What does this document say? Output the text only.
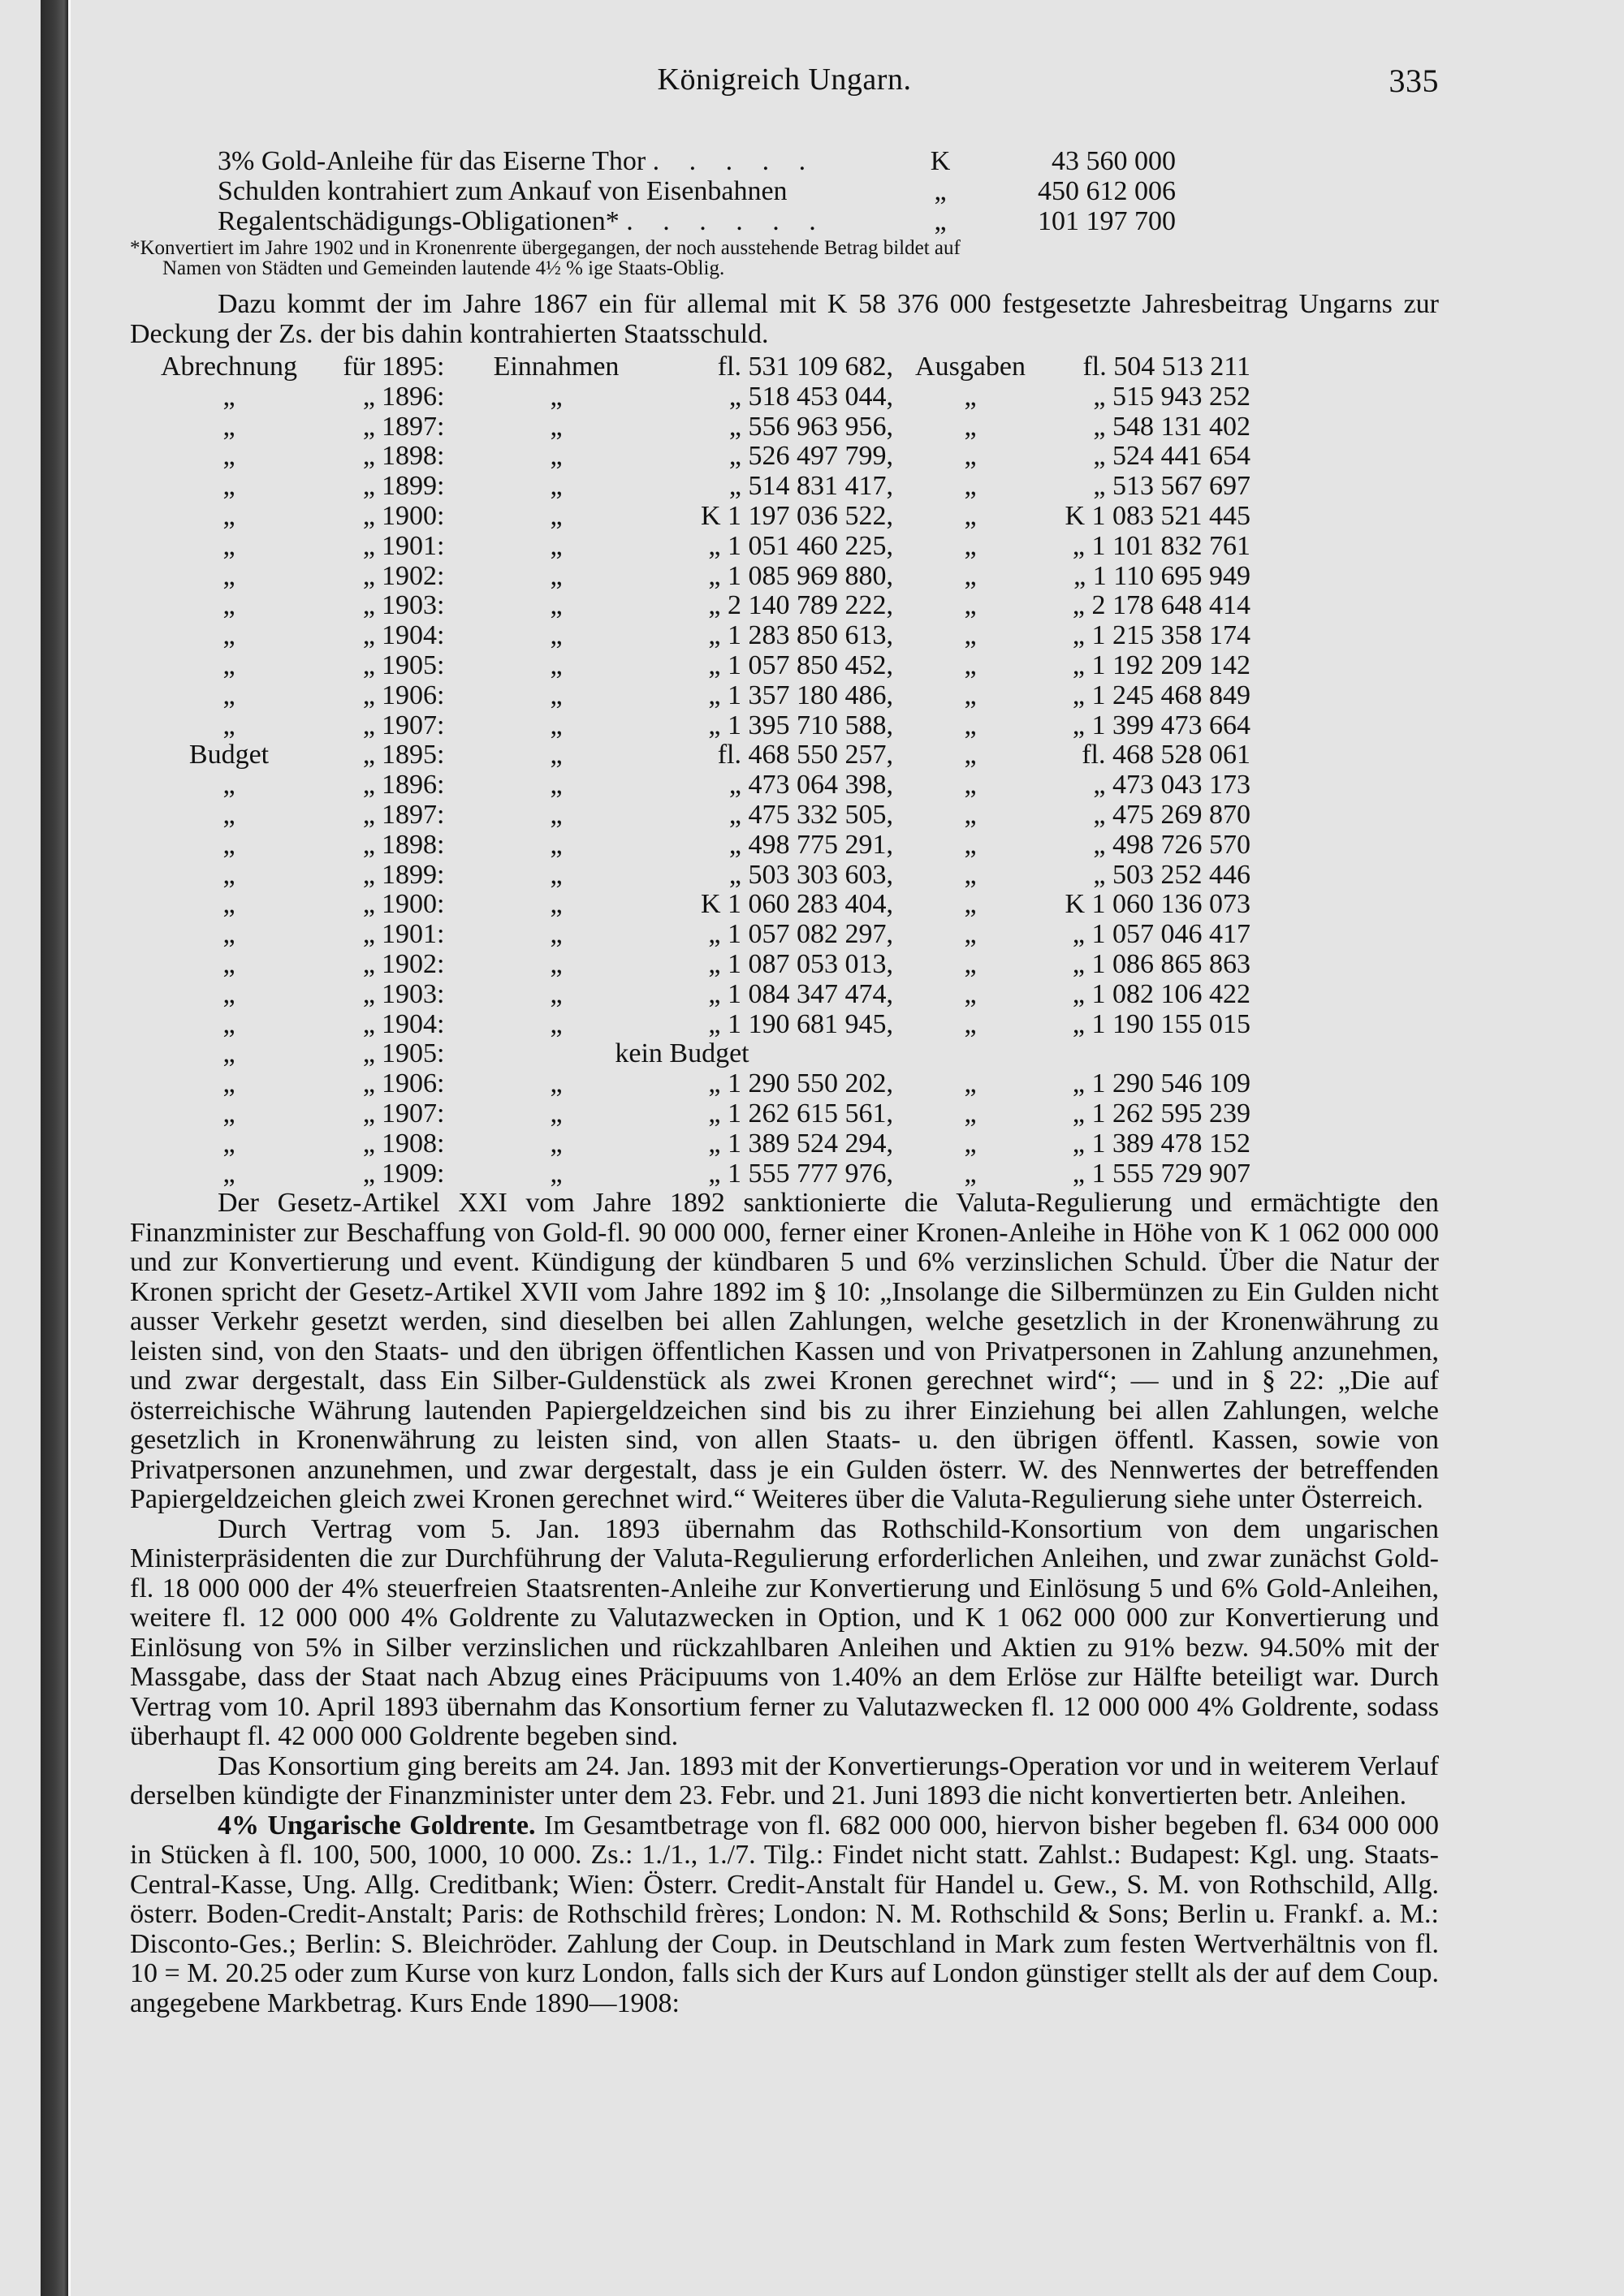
Königreich Ungarn.	335
3% Gold-Anleihe für das Eiserne Thor . . . . .	K	43 560 000
Schulden kontrahiert zum Ankauf von Eisenbahnen	„	450 612 006
Regalentschädigungs-Obligationen* . . . . . .	„	101 197 700
*Konvertiert im Jahre 1902 und in Kronenrente übergegangen, der noch ausstehende Betrag bildet auf
Namen von Städten und Gemeinden lautende 4½ % ige Staats-Oblig.

Dazu kommt der im Jahre 1867 ein für allemal mit K 58 376 000 festgesetzte Jahresbeitrag Ungarns zur Deckung der Zs. der bis dahin kontrahierten Staatsschuld.

Abrechnung	für	1895:	Einnahmen	fl. 531 109 682,	Ausgaben	fl. 504 513 211
„	„	1896:	„	„ 518 453 044,	„	„ 515 943 252
„	„	1897:	„	„ 556 963 956,	„	„ 548 131 402
„	„	1898:	„	„ 526 497 799,	„	„ 524 441 654
„	„	1899:	„	„ 514 831 417,	„	„ 513 567 697
„	„	1900:	„	K 1 197 036 522,	„	K 1 083 521 445
„	„	1901:	„	„ 1 051 460 225,	„	„ 1 101 832 761
„	„	1902:	„	„ 1 085 969 880,	„	„ 1 110 695 949
„	„	1903:	„	„ 2 140 789 222,	„	„ 2 178 648 414
„	„	1904:	„	„ 1 283 850 613,	„	„ 1 215 358 174
„	„	1905:	„	„ 1 057 850 452,	„	„ 1 192 209 142
„	„	1906:	„	„ 1 357 180 486,	„	„ 1 245 468 849
„	„	1907:	„	„ 1 395 710 588,	„	„ 1 399 473 664
Budget	„	1895:	„	fl. 468 550 257,	„	fl. 468 528 061
„	„	1896:	„	„ 473 064 398,	„	„ 473 043 173
„	„	1897:	„	„ 475 332 505,	„	„ 475 269 870
„	„	1898:	„	„ 498 775 291,	„	„ 498 726 570
„	„	1899:	„	„ 503 303 603,	„	„ 503 252 446
„	„	1900:	„	K 1 060 283 404,	„	K 1 060 136 073
„	„	1901:	„	„ 1 057 082 297,	„	„ 1 057 046 417
„	„	1902:	„	„ 1 087 053 013,	„	„ 1 086 865 863
„	„	1903:	„	„ 1 084 347 474,	„	„ 1 082 106 422
„	„	1904:	„	„ 1 190 681 945,	„	„ 1 190 155 015
„	„	1905:	kein Budget			
„	„	1906:	„	„ 1 290 550 202,	„	„ 1 290 546 109
„	„	1907:	„	„ 1 262 615 561,	„	„ 1 262 595 239
„	„	1908:	„	„ 1 389 524 294,	„	„ 1 389 478 152
„	„	1909:	„	„ 1 555 777 976,	„	„ 1 555 729 907

Der Gesetz-Artikel XXI vom Jahre 1892 sanktionierte die Valuta-Regulierung und ermächtigte den Finanzminister zur Beschaffung von Gold-fl. 90 000 000, ferner einer Kronen-Anleihe in Höhe von K 1 062 000 000 und zur Konvertierung und event. Kündigung der kündbaren 5 und 6% verzinslichen Schuld. Über die Natur der Kronen spricht der Gesetz-Artikel XVII vom Jahre 1892 im § 10: „Insolange die Silbermünzen zu Ein Gulden nicht ausser Verkehr gesetzt werden, sind dieselben bei allen Zahlungen, welche gesetzlich in der Kronenwährung zu leisten sind, von den Staats- und den übrigen öffentlichen Kassen und von Privatpersonen in Zahlung anzunehmen, und zwar dergestalt, dass Ein Silber-Guldenstück als zwei Kronen gerechnet wird“; — und in § 22: „Die auf österreichische Währung lautenden Papiergeldzeichen sind bis zu ihrer Einziehung bei allen Zahlungen, welche gesetzlich in Kronenwährung zu leisten sind, von allen Staats- u. den übrigen öffentl. Kassen, sowie von Privatpersonen anzunehmen, und zwar dergestalt, dass je ein Gulden österr. W. des Nennwertes der betreffenden Papiergeldzeichen gleich zwei Kronen gerechnet wird.“ Weiteres über die Valuta-Regulierung siehe unter Österreich.

Durch Vertrag vom 5. Jan. 1893 übernahm das Rothschild-Konsortium von dem ungarischen Ministerpräsidenten die zur Durchführung der Valuta-Regulierung erforderlichen Anleihen, und zwar zunächst Gold-fl. 18 000 000 der 4% steuerfreien Staatsrenten-Anleihe zur Konvertierung und Einlösung 5 und 6% Gold-Anleihen, weitere fl. 12 000 000 4% Goldrente zu Valutazwecken in Option, und K 1 062 000 000 zur Konvertierung und Einlösung von 5% in Silber verzinslichen und rückzahlbaren Anleihen und Aktien zu 91% bezw. 94.50% mit der Massgabe, dass der Staat nach Abzug eines Präcipuums von 1.40% an dem Erlöse zur Hälfte beteiligt war. Durch Vertrag vom 10. April 1893 übernahm das Konsortium ferner zu Valutazwecken fl. 12 000 000 4% Goldrente, sodass überhaupt fl. 42 000 000 Goldrente begeben sind.

Das Konsortium ging bereits am 24. Jan. 1893 mit der Konvertierungs-Operation vor und in weiterem Verlauf derselben kündigte der Finanzminister unter dem 23. Febr. und 21. Juni 1893 die nicht konvertierten betr. Anleihen.

4% Ungarische Goldrente. Im Gesamtbetrage von fl. 682 000 000, hiervon bisher begeben fl. 634 000 000 in Stücken à fl. 100, 500, 1000, 10 000. Zs.: 1./1., 1./7. Tilg.: Findet nicht statt. Zahlst.: Budapest: Kgl. ung. Staats-Central-Kasse, Ung. Allg. Creditbank; Wien: Österr. Credit-Anstalt für Handel u. Gew., S. M. von Rothschild, Allg. österr. Boden-Credit-Anstalt; Paris: de Rothschild frères; London: N. M. Rothschild & Sons; Berlin u. Frankf. a. M.: Disconto-Ges.; Berlin: S. Bleichröder. Zahlung der Coup. in Deutschland in Mark zum festen Wertverhältnis von fl. 10 = M. 20.25 oder zum Kurse von kurz London, falls sich der Kurs auf London günstiger stellt als der auf dem Coup. angegebene Markbetrag. Kurs Ende 1890—1908:
